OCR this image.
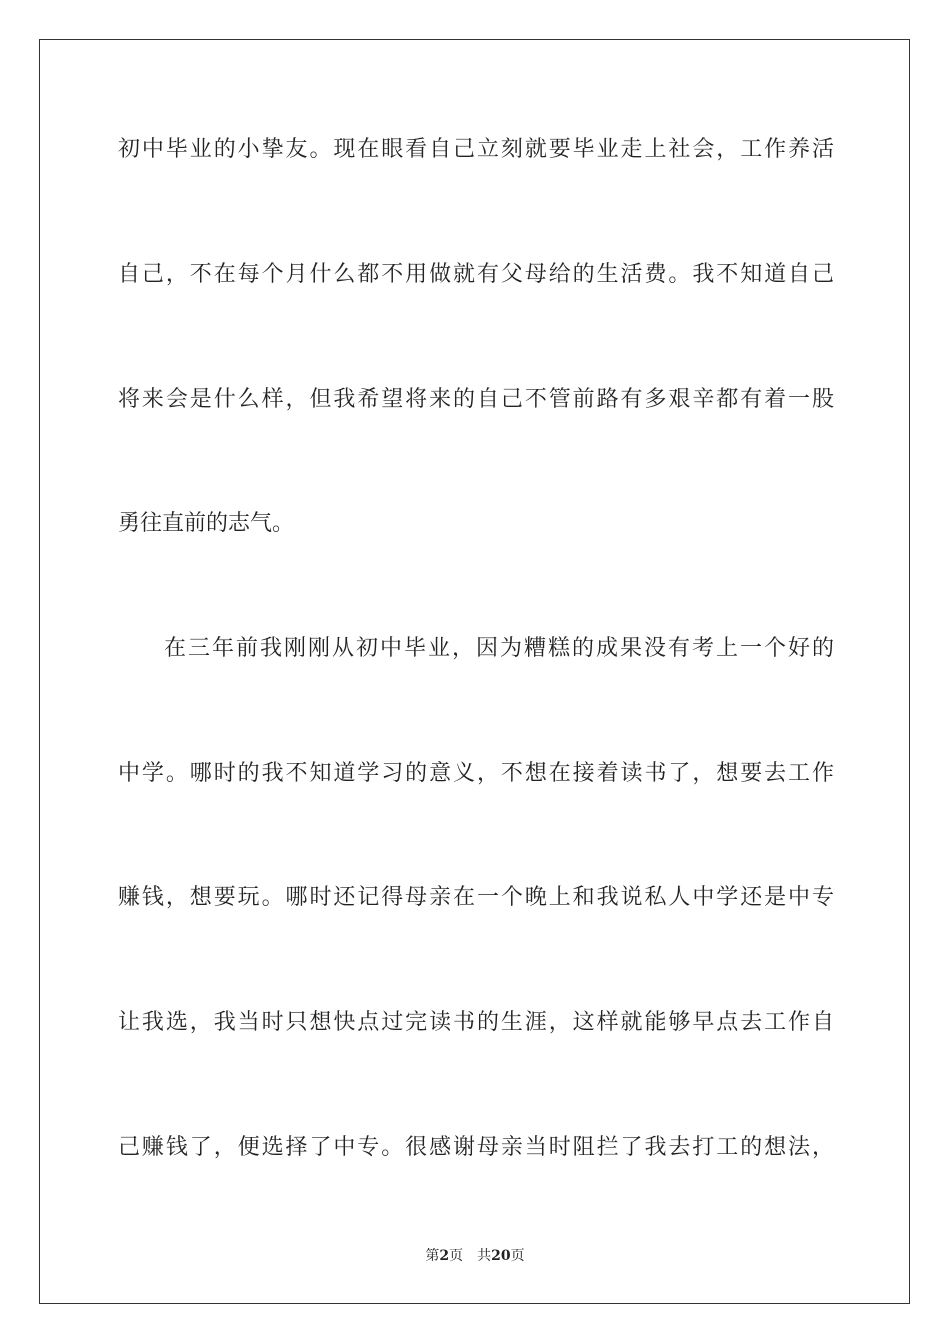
初中毕业的小挚友。现在眼看自己立刻就要毕业走上社会，工作养活
自己，不在每个月什么都不用做就有父母给的生活费。我不知道自己
将来会是什么样，但我希望将来的自己不管前路有多艰辛都有着一股
勇往直前的志气。
在三年前我刚刚从初中毕业，因为糟糕的成果没有考上一个好的
中学。哪时的我不知道学习的意义，不想在接着读书了，想要去工作
赚钱，想要玩。哪时还记得母亲在一个晚上和我说私人中学还是中专
让我选，我当时只想快点过完读书的生涯，这样就能够早点去工作自
己赚钱了，便选择了中专。很感谢母亲当时阻拦了我去打工的想法，
第2页 共20页
